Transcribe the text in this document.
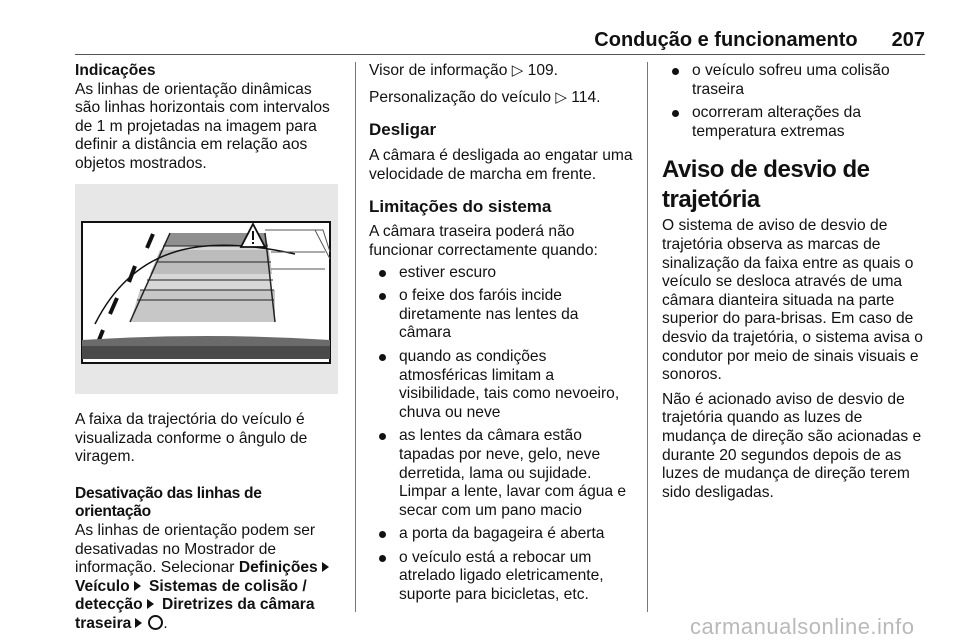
Condução e funcionamento 207

Indicações

As linhas de orientação dinâmicas são linhas horizontais com intervalos de 1 m projetadas na imagem para definir a distância em relação aos objetos mostrados.

A faixa da trajectória do veículo é visualizada conforme o ângulo de viragem.

Desativação das linhas de orientação

As linhas de orientação podem ser desativadas no Mostrador de informação. Selecionar Definições Veículo Sistemas de colisão / detecção Diretrizes da câmara traseira .

Visor de informação ▷ 109.

Personalização do veículo ▷ 114.

Desligar

A câmara é desligada ao engatar uma velocidade de marcha em frente.

Limitações do sistema

A câmara traseira poderá não funcionar correctamente quando:

estiver escuro
o feixe dos faróis incide diretamente nas lentes da câmara
quando as condições atmosféricas limitam a visibilidade, tais como nevoeiro, chuva ou neve
as lentes da câmara estão tapadas por neve, gelo, neve derretida, lama ou sujidade. Limpar a lente, lavar com água e secar com um pano macio
a porta da bagageira é aberta
o veículo está a rebocar um atrelado ligado eletricamente, suporte para bicicletas, etc.
o veículo sofreu uma colisão traseira
ocorreram alterações da temperatura extremas

Aviso de desvio de trajetória

O sistema de aviso de desvio de trajetória observa as marcas de sinalização da faixa entre as quais o veículo se desloca através de uma câmara dianteira situada na parte superior do para-brisas. Em caso de desvio da trajetória, o sistema avisa o condutor por meio de sinais visuais e sonoros.

Não é acionado aviso de desvio de trajetória quando as luzes de mudança de direção são acionadas e durante 20 segundos depois de as luzes de mudança de direção terem sido desligadas.

carmanualsonline.info
